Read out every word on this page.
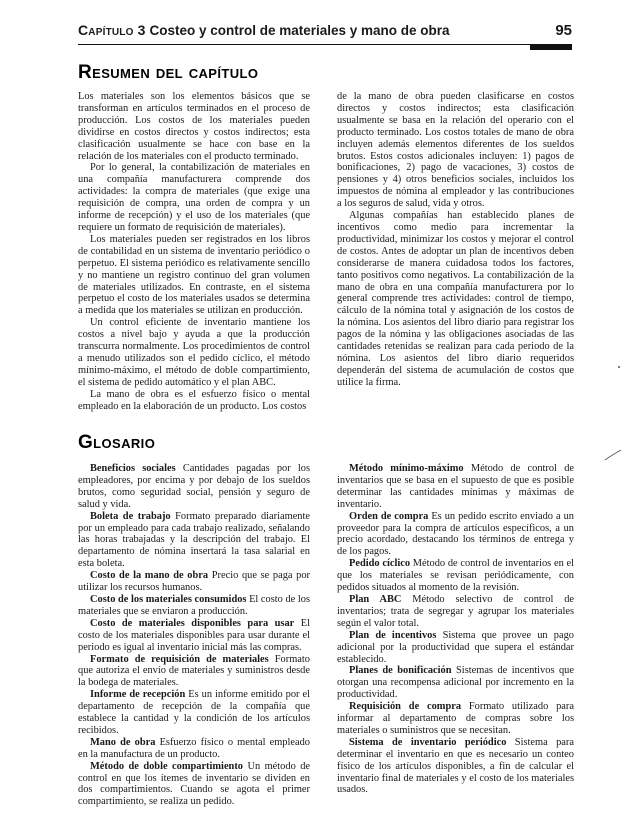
Capítulo 3 Costeo y control de materiales y mano de obra	95
Resumen del capítulo

Los materiales son los elementos básicos que se transforman en artículos terminados en el proceso de producción. Los costos de los materiales pueden dividirse en costos directos y costos indirectos; esta clasificación usualmente se hace con base en la relación de los materiales con el producto terminado.

Por lo general, la contabilización de materiales en una compañía manufacturera comprende dos actividades: la compra de materiales (que exige una requisición de compra, una orden de compra y un informe de recepción) y el uso de los materiales (que requiere un formato de requisición de materiales).

Los materiales pueden ser registrados en los libros de contabilidad en un sistema de inventario periódico o perpetuo. El sistema periódico es relativamente sencillo y no mantiene un registro continuo del gran volumen de materiales utilizados. En contraste, en el sistema perpetuo el costo de los materiales usados se determina a medida que los materiales se utilizan en producción.

Un control eficiente de inventario mantiene los costos a nivel bajo y ayuda a que la producción transcurra normalmente. Los procedimientos de control a menudo utilizados son el pedido cíclico, el método mínimo-máximo, el método de doble compartimiento, el sistema de pedido automático y el plan ABC.

La mano de obra es el esfuerzo físico o mental empleado en la elaboración de un producto. Los costos

de la mano de obra pueden clasificarse en costos directos y costos indirectos; esta clasificación usualmente se basa en la relación del operario con el producto terminado. Los costos totales de mano de obra incluyen además elementos diferentes de los sueldos brutos. Estos costos adicionales incluyen: 1) pagos de bonificaciones, 2) pago de vacaciones, 3) costos de pensiones y 4) otros beneficios sociales, incluidos los impuestos de nómina al empleador y las contribuciones a los seguros de salud, vida y otros.

Algunas compañías han establecido planes de incentivos como medio para incrementar la productividad, minimizar los costos y mejorar el control de costos. Antes de adoptar un plan de incentivos deben considerarse de manera cuidadosa todos los factores, tanto positivos como negativos. La contabilización de la mano de obra en una compañía manufacturera por lo general comprende tres actividades: control de tiempo, cálculo de la nómina total y asignación de los costos de la nómina. Los asientos del libro diario para registrar los pagos de la nómina y las obligaciones asociadas de las cantidades retenidas se realizan para cada periodo de la nómina. Los asientos del libro diario requeridos dependerán del sistema de acumulación de costos que utilice la firma.

Glosario

Beneficios sociales Cantidades pagadas por los empleadores, por encima y por debajo de los sueldos brutos, como seguridad social, pensión y seguro de salud y vida.

Boleta de trabajo Formato preparado diariamente por un empleado para cada trabajo realizado, señalando las horas trabajadas y la descripción del trabajo. El departamento de nómina insertará la tasa salarial en esta boleta.

Costo de la mano de obra Precio que se paga por utilizar los recursos humanos.

Costo de los materiales consumidos El costo de los materiales que se enviaron a producción.

Costo de materiales disponibles para usar El costo de los materiales disponibles para usar durante el periodo es igual al inventario inicial más las compras.

Formato de requisición de materiales Formato que autoriza el envío de materiales y suministros desde la bodega de materiales.

Informe de recepción Es un informe emitido por el departamento de recepción de la compañía que establece la cantidad y la condición de los artículos recibidos.

Mano de obra Esfuerzo físico o mental empleado en la manufactura de un producto.

Método de doble compartimiento Un método de control en que los ítemes de inventario se dividen en dos compartimientos. Cuando se agota el primer compartimiento, se realiza un pedido.

Método mínimo-máximo Método de control de inventarios que se basa en el supuesto de que es posible determinar las cantidades mínimas y máximas de inventario.

Orden de compra Es un pedido escrito enviado a un proveedor para la compra de artículos específicos, a un precio acordado, destacando los términos de entrega y de los pagos.

Pedido cíclico Método de control de inventarios en el que los materiales se revisan periódicamente, con pedidos situados al momento de la revisión.

Plan ABC Método selectivo de control de inventarios; trata de segregar y agrupar los materiales según el valor total.

Plan de incentivos Sistema que provee un pago adicional por la productividad que supera el estándar establecido.

Planes de bonificación Sistemas de incentivos que otorgan una recompensa adicional por incremento en la productividad.

Requisición de compra Formato utilizado para informar al departamento de compras sobre los materiales o suministros que se necesitan.

Sistema de inventario periódico Sistema para determinar el inventario en que es necesario un conteo físico de los artículos disponibles, a fin de calcular el inventario final de materiales y el costo de los materiales usados.
